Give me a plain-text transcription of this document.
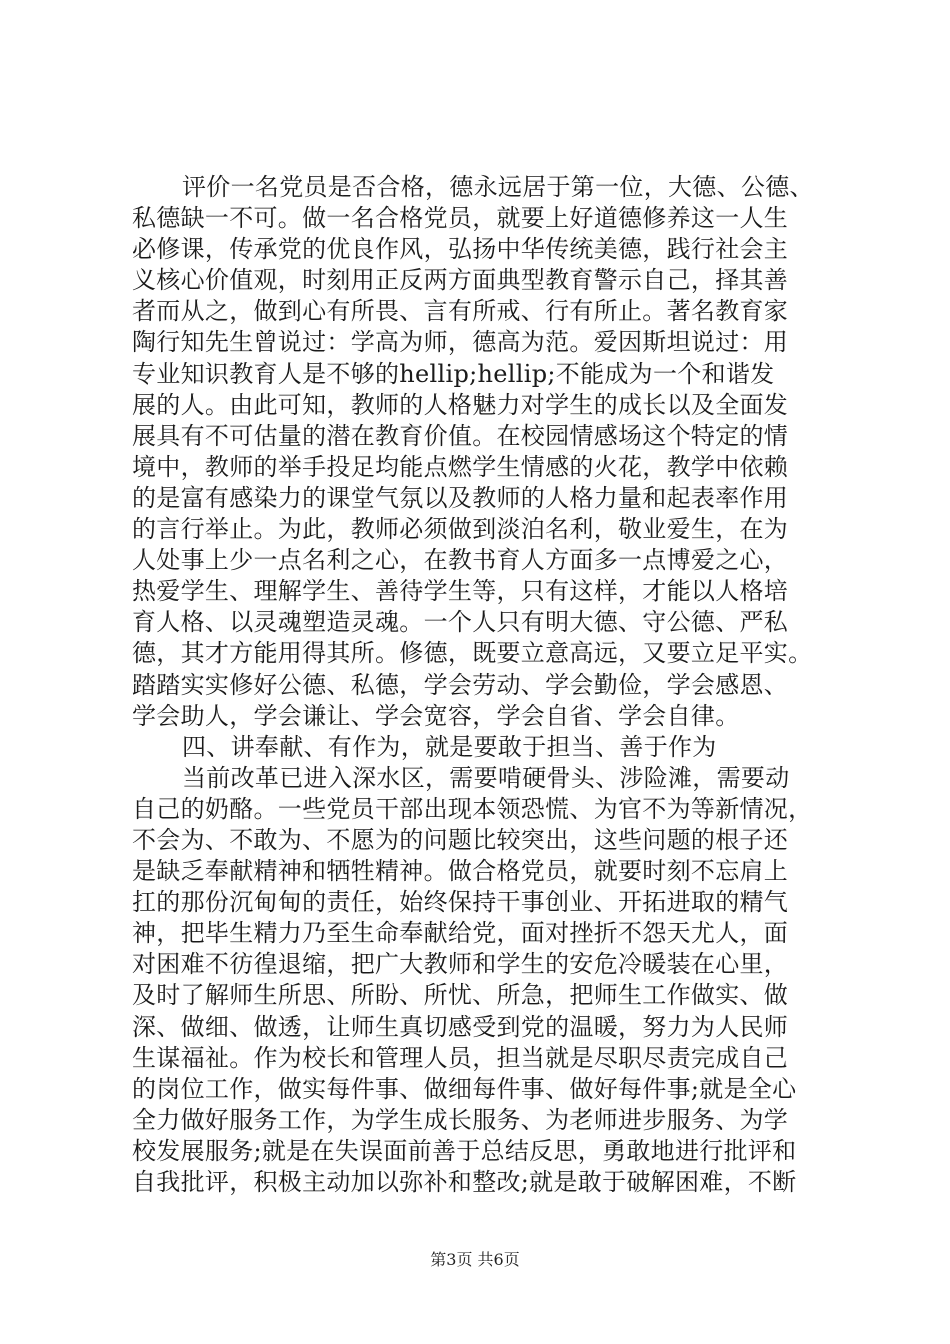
评价一名党员是否合格，德永远居于第一位，大德、公德、
私德缺一不可。做一名合格党员，就要上好道德修养这一人生
必修课，传承党的优良作风，弘扬中华传统美德，践行社会主
义核心价值观，时刻用正反两方面典型教育警示自己，择其善
者而从之，做到心有所畏、言有所戒、行有所止。著名教育家
陶行知先生曾说过：学高为师，德高为范。爱因斯坦说过：用
专业知识教育人是不够的hellip;hellip;不能成为一个和谐发
展的人。由此可知，教师的人格魅力对学生的成长以及全面发
展具有不可估量的潜在教育价值。在校园情感场这个特定的情
境中，教师的举手投足均能点燃学生情感的火花，教学中依赖
的是富有感染力的课堂气氛以及教师的人格力量和起表率作用
的言行举止。为此，教师必须做到淡泊名利，敬业爱生，在为
人处事上少一点名利之心，在教书育人方面多一点博爱之心，
热爱学生、理解学生、善待学生等，只有这样，才能以人格培
育人格、以灵魂塑造灵魂。一个人只有明大德、守公德、严私
德，其才方能用得其所。修德，既要立意高远，又要立足平实。
踏踏实实修好公德、私德，学会劳动、学会勤俭，学会感恩、
学会助人，学会谦让、学会宽容，学会自省、学会自律。
四、讲奉献、有作为，就是要敢于担当、善于作为
当前改革已进入深水区，需要啃硬骨头、涉险滩，需要动
自己的奶酪。一些党员干部出现本领恐慌、为官不为等新情况，
不会为、不敢为、不愿为的问题比较突出，这些问题的根子还
是缺乏奉献精神和牺牲精神。做合格党员，就要时刻不忘肩上
扛的那份沉甸甸的责任，始终保持干事创业、开拓进取的精气
神，把毕生精力乃至生命奉献给党，面对挫折不怨天尤人，面
对困难不彷徨退缩，把广大教师和学生的安危冷暖装在心里，
及时了解师生所思、所盼、所忧、所急，把师生工作做实、做
深、做细、做透，让师生真切感受到党的温暖，努力为人民师
生谋福祉。作为校长和管理人员，担当就是尽职尽责完成自己
的岗位工作，做实每件事、做细每件事、做好每件事;就是全心
全力做好服务工作，为学生成长服务、为老师进步服务、为学
校发展服务;就是在失误面前善于总结反思，勇敢地进行批评和
自我批评，积极主动加以弥补和整改;就是敢于破解困难，不断
第3页 共6页
